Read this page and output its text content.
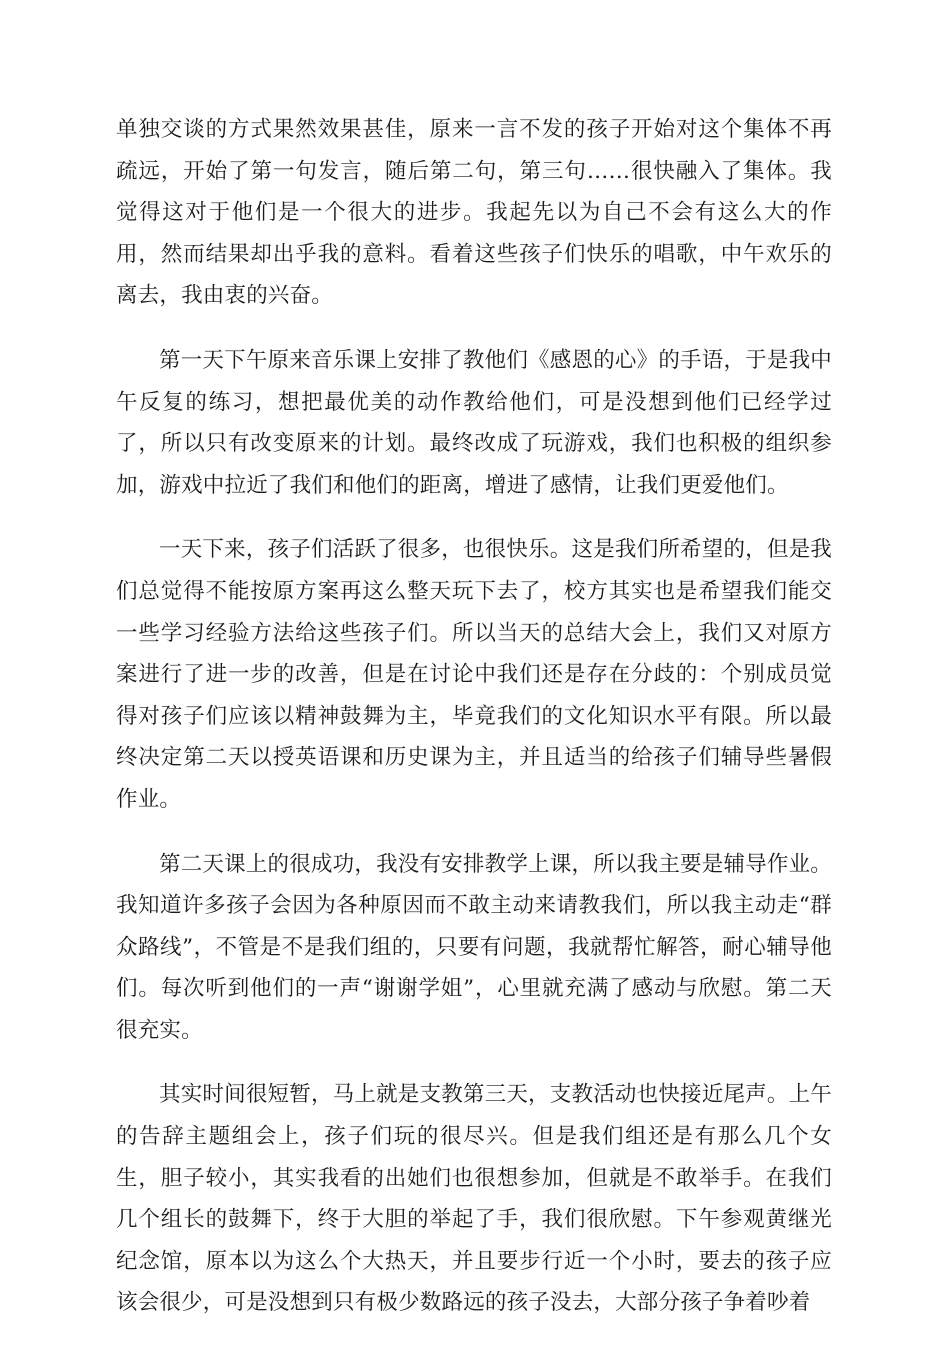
单独交谈的方式果然效果甚佳，原来一言不发的孩子开始对这个集体不再疏远，开始了第一句发言，随后第二句，第三句……很快融入了集体。我觉得这对于他们是一个很大的进步。我起先以为自己不会有这么大的作用，然而结果却出乎我的意料。看着这些孩子们快乐的唱歌，中午欢乐的离去，我由衷的兴奋。

第一天下午原来音乐课上安排了教他们《感恩的心》的手语，于是我中午反复的练习，想把最优美的动作教给他们，可是没想到他们已经学过了，所以只有改变原来的计划。最终改成了玩游戏，我们也积极的组织参加，游戏中拉近了我们和他们的距离，增进了感情，让我们更爱他们。

一天下来，孩子们活跃了很多，也很快乐。这是我们所希望的，但是我们总觉得不能按原方案再这么整天玩下去了，校方其实也是希望我们能交一些学习经验方法给这些孩子们。所以当天的总结大会上，我们又对原方案进行了进一步的改善，但是在讨论中我们还是存在分歧的：个别成员觉得对孩子们应该以精神鼓舞为主，毕竟我们的文化知识水平有限。所以最终决定第二天以授英语课和历史课为主，并且适当的给孩子们辅导些暑假作业。

第二天课上的很成功，我没有安排教学上课，所以我主要是辅导作业。我知道许多孩子会因为各种原因而不敢主动来请教我们，所以我主动走“群众路线”，不管是不是我们组的，只要有问题，我就帮忙解答，耐心辅导他们。每次听到他们的一声“谢谢学姐”，心里就充满了感动与欣慰。第二天很充实。

其实时间很短暂，马上就是支教第三天，支教活动也快接近尾声。上午的告辞主题组会上，孩子们玩的很尽兴。但是我们组还是有那么几个女生，胆子较小，其实我看的出她们也很想参加，但就是不敢举手。在我们几个组长的鼓舞下，终于大胆的举起了手，我们很欣慰。下午参观黄继光纪念馆，原本以为这么个大热天，并且要步行近一个小时，要去的孩子应该会很少，可是没想到只有极少数路远的孩子没去，大部分孩子争着吵着
